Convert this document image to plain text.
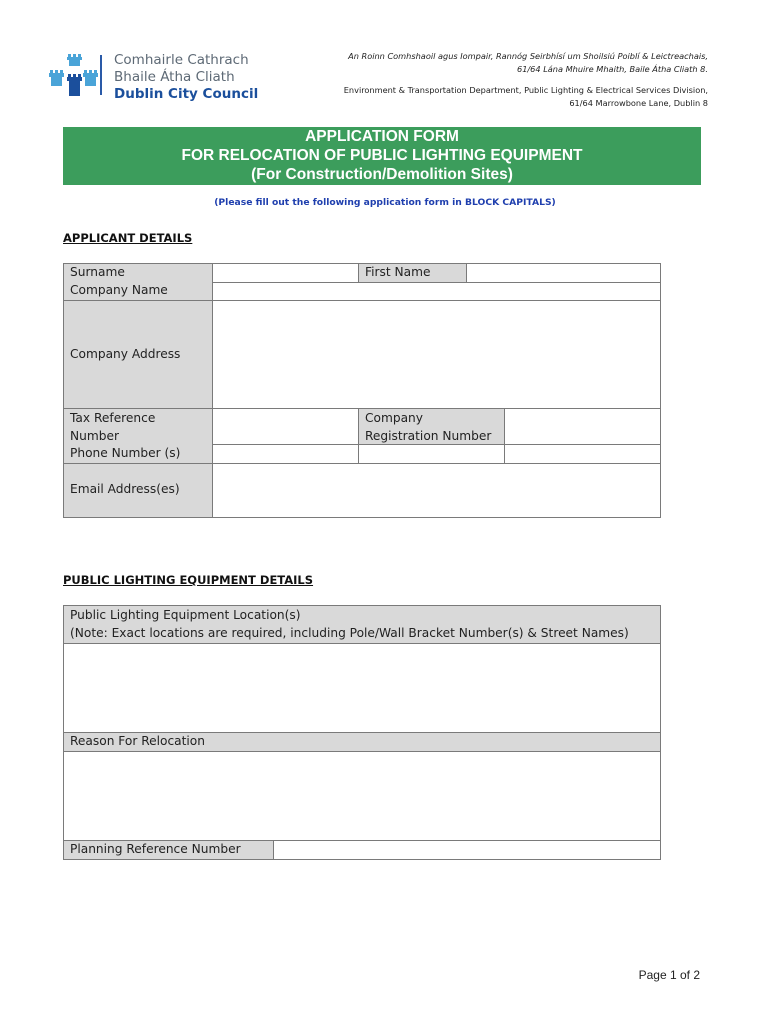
Comhairle Cathrach
Bhaile Átha Cliath
Dublin City Council
An Roinn Comhshaoil agus Iompair, Rannóg Seirbhísí um Shoilsiú Poiblí & Leictreachais,
61/64 Lána Mhuire Mhaith, Baile Átha Cliath 8.
Environment & Transportation Department, Public Lighting & Electrical Services Division,
61/64 Marrowbone Lane, Dublin 8
APPLICATION FORM
FOR RELOCATION OF PUBLIC LIGHTING EQUIPMENT
(For Construction/Demolition Sites)
(Please fill out the following application form in BLOCK CAPITALS)
APPLICANT DETAILS
Surname
Company Name
First Name
Company Address
Tax Reference Number
Phone Number (s)
Company Registration Number
Email Address(es)
PUBLIC LIGHTING EQUIPMENT DETAILS
Public Lighting Equipment Location(s)
(Note: Exact locations are required, including Pole/Wall Bracket Number(s) & Street Names)
Reason For Relocation
Planning Reference Number
Page 1 of 2
